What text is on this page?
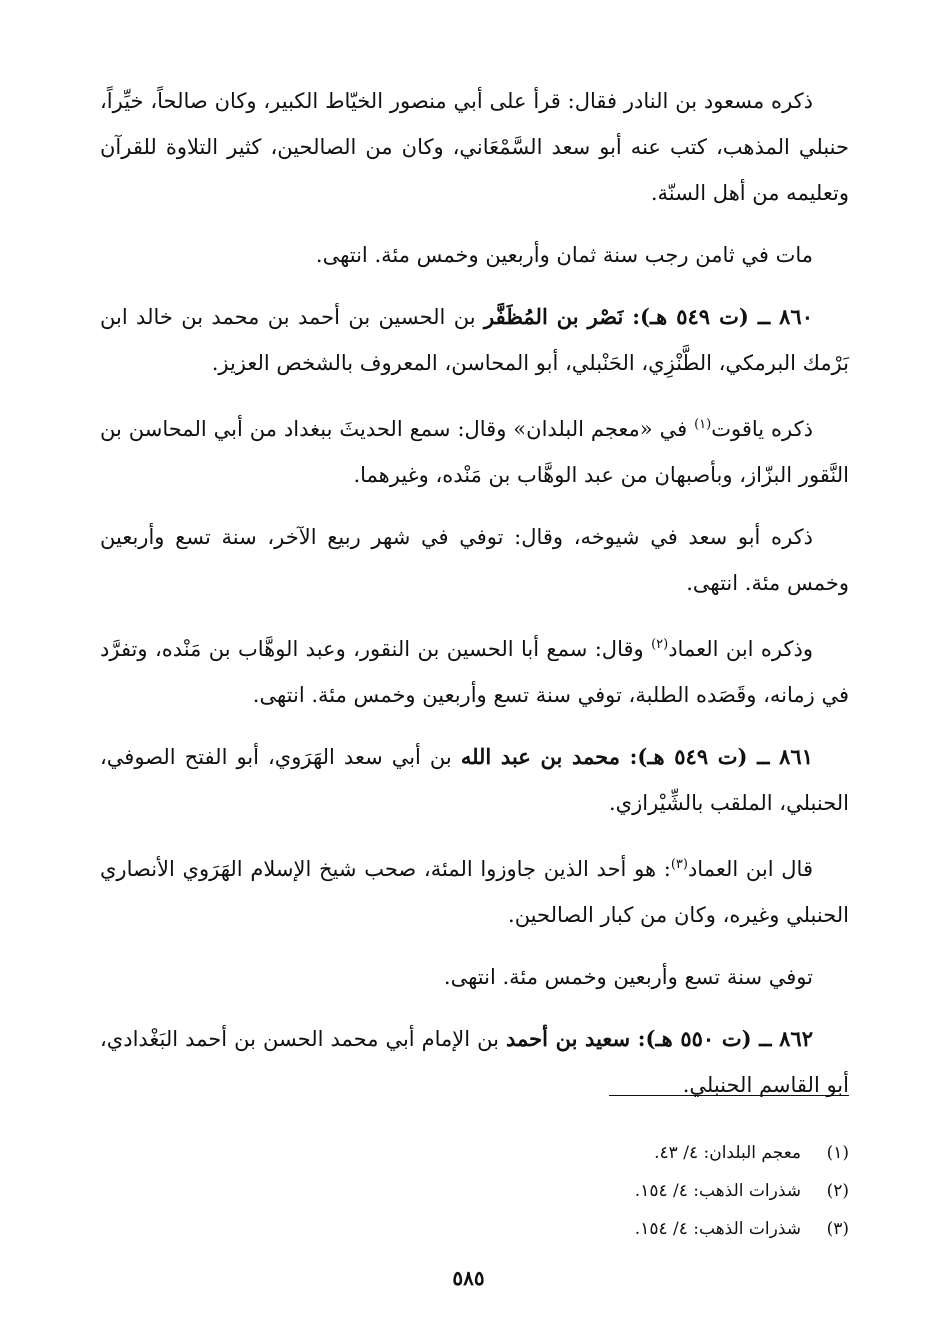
ذكره مسعود بن النادر فقال: قرأ على أبي منصور الخيّاط الكبير، وكان صالحاً، خيِّراً، حنبلي المذهب، كتب عنه أبو سعد السَّمْعَاني، وكان من الصالحين، كثير التلاوة للقرآن وتعليمه من أهل السنّة.

مات في ثامن رجب سنة ثمان وأربعين وخمس مئة. انتهى.

٨٦٠ ــ (ت ٥٤٩ هـ): نَصْر بن المُظَفَّر بن الحسين بن أحمد بن محمد بن خالد ابن بَرْمك البرمكي، الطَّنْزِي، الحَنْبلي، أبو المحاسن، المعروف بالشخص العزيز.

ذكره ياقوت$^{(١)}$ في «معجم البلدان» وقال: سمع الحديثَ ببغداد من أبي المحاسن بن النَّقور البزّاز، وبأصبهان من عبد الوهَّاب بن مَنْده، وغيرهما.

ذكره أبو سعد في شيوخه، وقال: توفي في شهر ربيع الآخر، سنة تسع وأربعين وخمس مئة. انتهى.

وذكره ابن العماد$^{(٢)}$ وقال: سمع أبا الحسين بن النقور، وعبد الوهَّاب بن مَنْده، وتفرَّد في زمانه، وقَصَده الطلبة، توفي سنة تسع وأربعين وخمس مئة. انتهى.

٨٦١ ــ (ت ٥٤٩ هـ): محمد بن عبد الله بن أبي سعد الهَرَوي، أبو الفتح الصوفي، الحنبلي، الملقب بالشِّيْرازي.

قال ابن العماد$^{(٣)}$: هو أحد الذين جاوزوا المئة، صحب شيخ الإسلام الهَرَوي الأنصاري الحنبلي وغيره، وكان من كبار الصالحين.

توفي سنة تسع وأربعين وخمس مئة. انتهى.

٨٦٢ ــ (ت ٥٥٠ هـ): سعيد بن أحمد بن الإمام أبي محمد الحسن بن أحمد البَغْدادي، أبو القاسم الحنبلي.

(١)
معجم البلدان: ٤/ ٤٣.
(٢)
شذرات الذهب: ٤/ ١٥٤.
(٣)
شذرات الذهب: ٤/ ١٥٤.
٥٨٥
